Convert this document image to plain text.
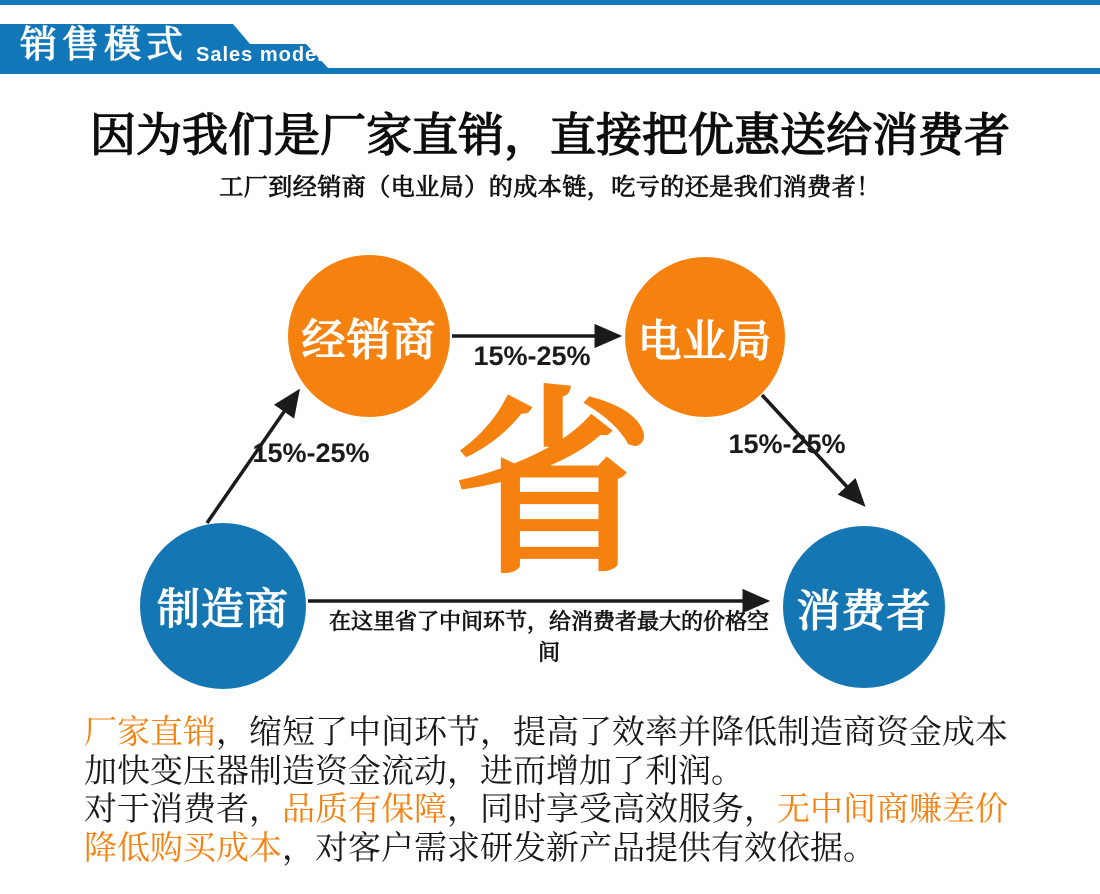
销售模式 Sales model
因为我们是厂家直销，直接把优惠送给消费者
工厂到经销商（电业局）的成本链，吃亏的还是我们消费者！
经销商	电业局
制造商	消费者
15%-25%
15%-25%
15%-25%
在这里省了中间环节，给消费者最大的价格空间
省
厂家直销，缩短了中间环节，提高了效率并降低制造商资金成本
加快变压器制造资金流动，进而增加了利润。
对于消费者，品质有保障，同时享受高效服务，无中间商赚差价
降低购买成本，对客户需求研发新产品提供有效依据。
